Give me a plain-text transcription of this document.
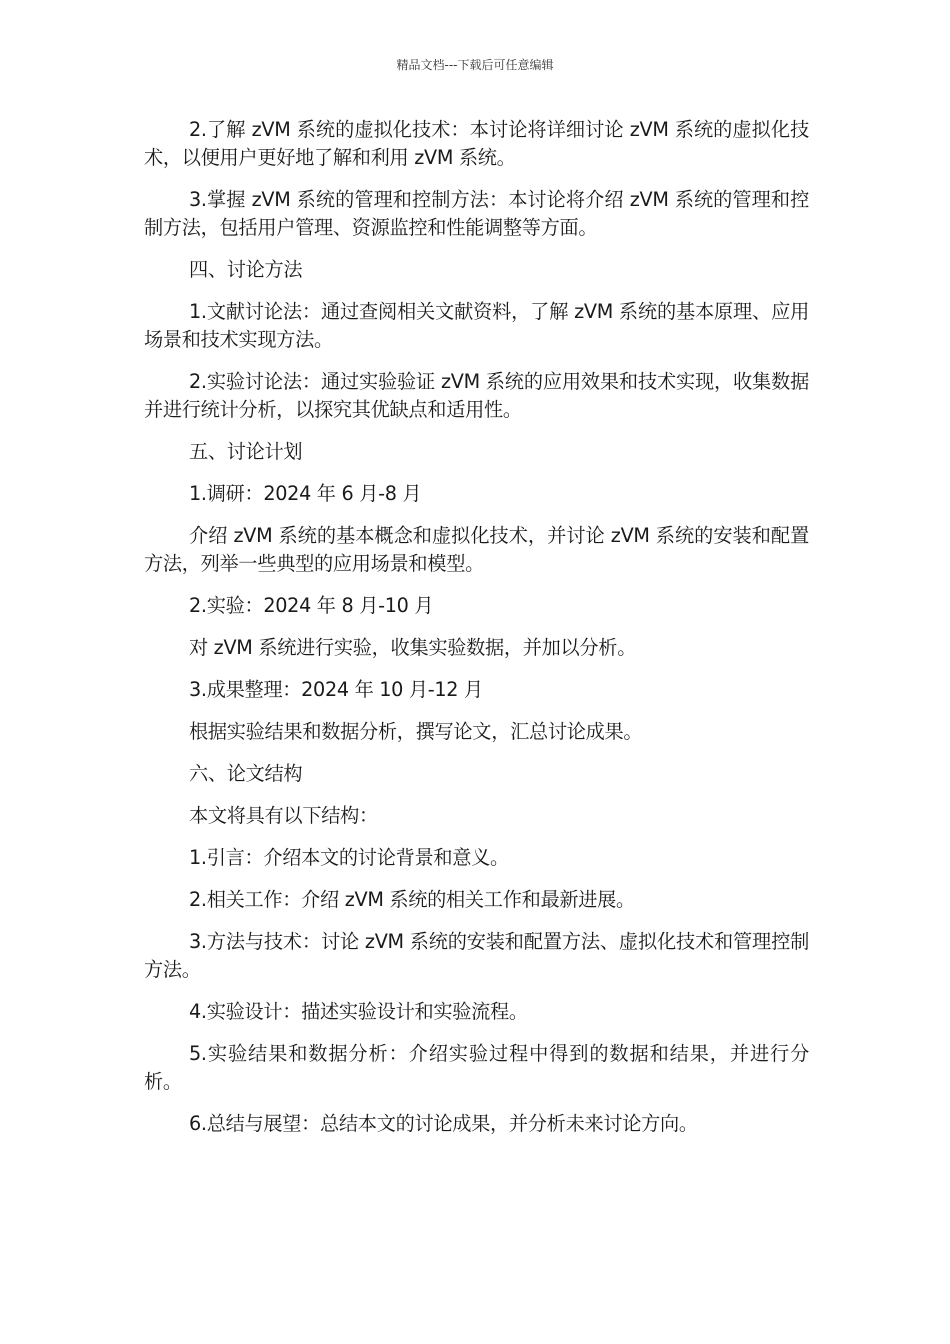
精品文档---下载后可任意编辑

2.了解 zVM 系统的虚拟化技术：本讨论将详细讨论 zVM 系统的虚拟化技术，以便用户更好地了解和利用 zVM 系统。

3.掌握 zVM 系统的管理和控制方法：本讨论将介绍 zVM 系统的管理和控制方法，包括用户管理、资源监控和性能调整等方面。

四、讨论方法

1.文献讨论法：通过查阅相关文献资料，了解 zVM 系统的基本原理、应用场景和技术实现方法。

2.实验讨论法：通过实验验证 zVM 系统的应用效果和技术实现，收集数据并进行统计分析，以探究其优缺点和适用性。

五、讨论计划

1.调研：2024 年 6 月-8 月

介绍 zVM 系统的基本概念和虚拟化技术，并讨论 zVM 系统的安装和配置方法，列举一些典型的应用场景和模型。

2.实验：2024 年 8 月-10 月

对 zVM 系统进行实验，收集实验数据，并加以分析。

3.成果整理：2024 年 10 月-12 月

根据实验结果和数据分析，撰写论文，汇总讨论成果。

六、论文结构

本文将具有以下结构：

1.引言：介绍本文的讨论背景和意义。

2.相关工作：介绍 zVM 系统的相关工作和最新进展。

3.方法与技术：讨论 zVM 系统的安装和配置方法、虚拟化技术和管理控制方法。

4.实验设计：描述实验设计和实验流程。

5.实验结果和数据分析：介绍实验过程中得到的数据和结果，并进行分析。

6.总结与展望：总结本文的讨论成果，并分析未来讨论方向。
